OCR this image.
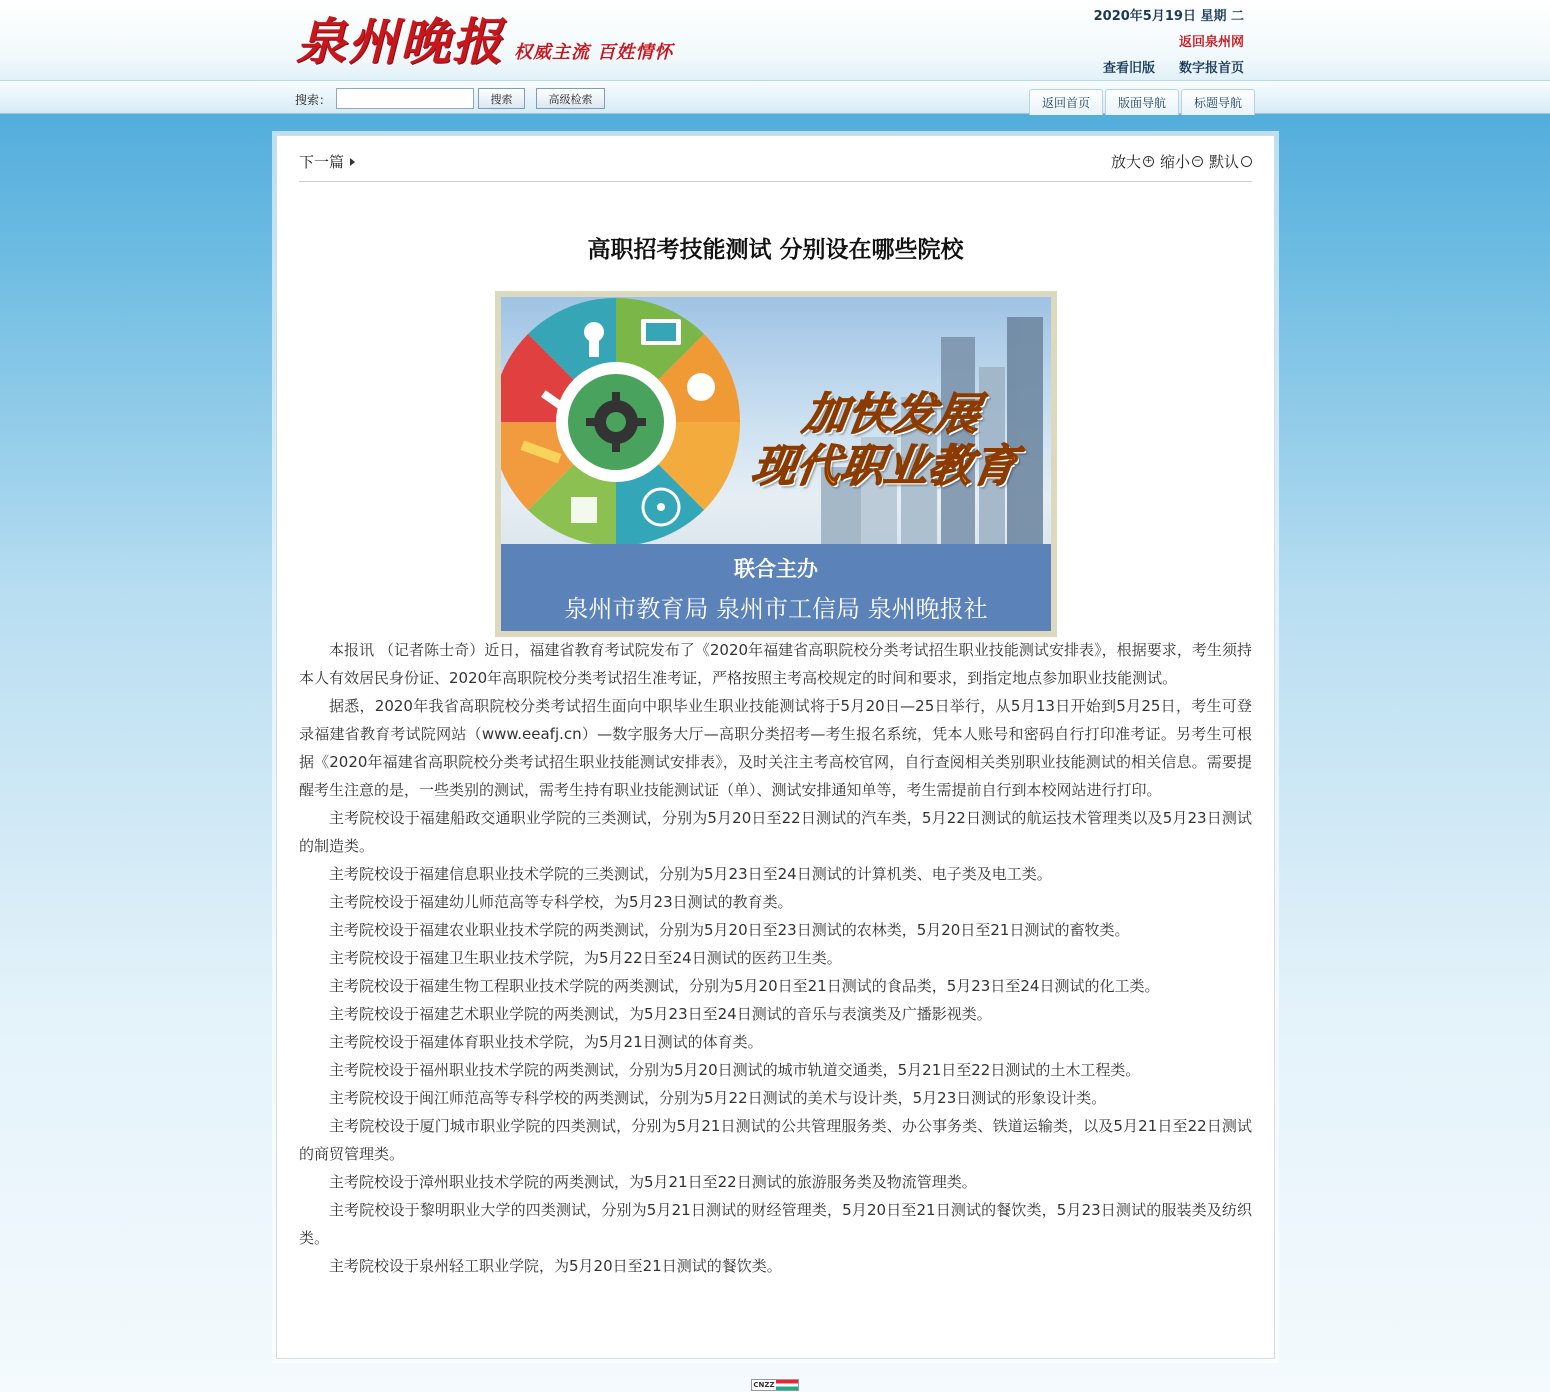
泉州晚报 权威主流 百姓情怀
2020年5月19日 星期 二
返回泉州网
查看旧版 数字报首页
搜索：	搜索	高级检索	返回首页	版面导航	标题导航
下一篇	放大 + 缩小 − 默认
高职招考技能测试 分别设在哪些院校
加快发展
现代职业教育
联合主办
泉州市教育局 泉州市工信局 泉州晚报社

本报讯 （记者陈士奇）近日，福建省教育考试院发布了《2020年福建省高职院校分类考试招生职业技能测试安排表》，根据要求，考生须持本人有效居民身份证、2020年高职院校分类考试招生准考证，严格按照主考高校规定的时间和要求，到指定地点参加职业技能测试。

据悉，2020年我省高职院校分类考试招生面向中职毕业生职业技能测试将于5月20日—25日举行，从5月13日开始到5月25日，考生可登录福建省教育考试院网站（www.eeafj.cn）—数字服务大厅—高职分类招考—考生报名系统，凭本人账号和密码自行打印准考证。另考生可根据《2020年福建省高职院校分类考试招生职业技能测试安排表》，及时关注主考高校官网，自行查阅相关类别职业技能测试的相关信息。需要提醒考生注意的是，一些类别的测试，需考生持有职业技能测试证（单）、测试安排通知单等，考生需提前自行到本校网站进行打印。

主考院校设于福建船政交通职业学院的三类测试，分别为5月20日至22日测试的汽车类，5月22日测试的航运技术管理类以及5月23日测试的制造类。

主考院校设于福建信息职业技术学院的三类测试，分别为5月23日至24日测试的计算机类、电子类及电工类。

主考院校设于福建幼儿师范高等专科学校，为5月23日测试的教育类。

主考院校设于福建农业职业技术学院的两类测试，分别为5月20日至23日测试的农林类，5月20日至21日测试的畜牧类。

主考院校设于福建卫生职业技术学院，为5月22日至24日测试的医药卫生类。

主考院校设于福建生物工程职业技术学院的两类测试，分别为5月20日至21日测试的食品类，5月23日至24日测试的化工类。

主考院校设于福建艺术职业学院的两类测试，为5月23日至24日测试的音乐与表演类及广播影视类。

主考院校设于福建体育职业技术学院，为5月21日测试的体育类。

主考院校设于福州职业技术学院的两类测试，分别为5月20日测试的城市轨道交通类，5月21日至22日测试的土木工程类。

主考院校设于闽江师范高等专科学校的两类测试，分别为5月22日测试的美术与设计类，5月23日测试的形象设计类。

主考院校设于厦门城市职业学院的四类测试，分别为5月21日测试的公共管理服务类、办公事务类、铁道运输类，以及5月21日至22日测试的商贸管理类。

主考院校设于漳州职业技术学院的两类测试，为5月21日至22日测试的旅游服务类及物流管理类。

主考院校设于黎明职业大学的四类测试，分别为5月21日测试的财经管理类，5月20日至21日测试的餐饮类，5月23日测试的服装类及纺织类。

主考院校设于泉州轻工职业学院，为5月20日至21日测试的餐饮类。

CNZZ
